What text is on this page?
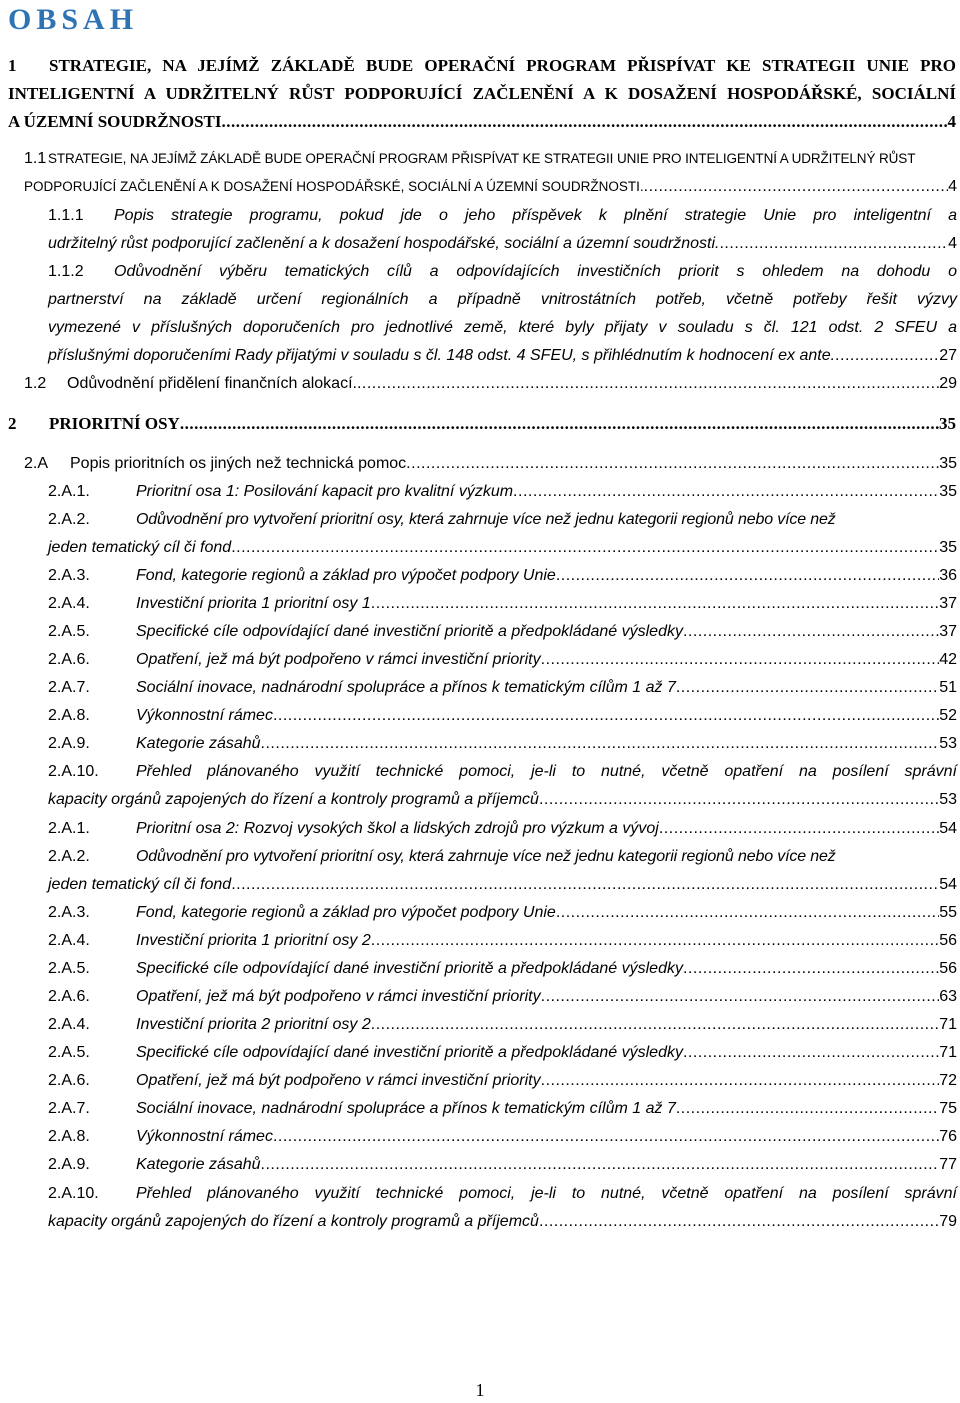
OBSAH
1 STRATEGIE, NA JEJÍMŽ ZÁKLADĚ BUDE OPERAČNÍ PROGRAM PŘISPÍVAT KE STRATEGII UNIE PRO
INTELIGENTNÍ A UDRŽITELNÝ RŮST PODPORUJÍCÍ ZAČLENĚNÍ A K DOSAŽENÍ HOSPODÁŘSKÉ, SOCIÁLNÍ
A ÚZEMNÍ SOUDRŽNOSTI .....	4
1.1 STRATEGIE, NA JEJÍMŽ ZÁKLADĚ BUDE OPERAČNÍ PROGRAM PŘISPÍVAT KE STRATEGII UNIE PRO INTELIGENTNÍ A UDRŽITELNÝ RŮST
PODPORUJÍCÍ ZAČLENĚNÍ A K DOSAŽENÍ HOSPODÁŘSKÉ, SOCIÁLNÍ A ÚZEMNÍ SOUDRŽNOSTI. .....	4
1.1.1 Popis strategie programu, pokud jde o jeho příspěvek k plnění strategie Unie pro inteligentní a
udržitelný růst podporující začlenění a k dosažení hospodářské, sociální a územní soudržnosti. .....	4
1.1.2 Odůvodnění výběru tematických cílů a odpovídajících investičních priorit s ohledem na dohodu o
partnerství na základě určení regionálních a případně vnitrostátních potřeb, včetně potřeby řešit výzvy
vymezené v příslušných doporučeních pro jednotlivé země, které byly přijaty v souladu s čl. 121 odst. 2 SFEU a
příslušnými doporučeními Rady přijatými v souladu s čl. 148 odst. 4 SFEU, s přihlédnutím k hodnocení ex ante. .....	27
1.2	Odůvodnění přidělení finančních alokací. .....	29
2	PRIORITNÍ OSY .....	35
2.A	Popis prioritních os jiných než technická pomoc .....	35
2.A.1.	Prioritní osa 1: Posilování kapacit pro kvalitní výzkum .....	35
2.A.2.	Odůvodnění pro vytvoření prioritní osy, která zahrnuje více než jednu kategorii regionů nebo více než
jeden tematický cíl či fond .....	35
2.A.3.	Fond, kategorie regionů a základ pro výpočet podpory Unie .....	36
2.A.4.	Investiční priorita 1 prioritní osy 1 .....	37
2.A.5.	Specifické cíle odpovídající dané investiční prioritě a předpokládané výsledky .....	37
2.A.6.	Opatření, jež má být podpořeno v rámci investiční priority .....	42
2.A.7.	Sociální inovace, nadnárodní spolupráce a přínos k tematickým cílům 1 až 7 .....	51
2.A.8.	Výkonnostní rámec .....	52
2.A.9.	Kategorie zásahů .....	53
2.A.10. Přehled plánovaného využití technické pomoci, je-li to nutné, včetně opatření na posílení správní
kapacity orgánů zapojených do řízení a kontroly programů a příjemců .....	53
2.A.1.	Prioritní osa 2: Rozvoj vysokých škol a lidských zdrojů pro výzkum a vývoj .....	54
2.A.2.	Odůvodnění pro vytvoření prioritní osy, která zahrnuje více než jednu kategorii regionů nebo více než
jeden tematický cíl či fond .....	54
2.A.3.	Fond, kategorie regionů a základ pro výpočet podpory Unie .....	55
2.A.4.	Investiční priorita 1 prioritní osy 2 .....	56
2.A.5.	Specifické cíle odpovídající dané investiční prioritě a předpokládané výsledky .....	56
2.A.6.	Opatření, jež má být podpořeno v rámci investiční priority .....	63
2.A.4.	Investiční priorita 2 prioritní osy 2 .....	71
2.A.5.	Specifické cíle odpovídající dané investiční prioritě a předpokládané výsledky .....	71
2.A.6.	Opatření, jež má být podpořeno v rámci investiční priority .....	72
2.A.7.	Sociální inovace, nadnárodní spolupráce a přínos k tematickým cílům 1 až 7 .....	75
2.A.8.	Výkonnostní rámec .....	76
2.A.9.	Kategorie zásahů .....	77
2.A.10. Přehled plánovaného využití technické pomoci, je-li to nutné, včetně opatření na posílení správní
kapacity orgánů zapojených do řízení a kontroly programů a příjemců .....	79
1
